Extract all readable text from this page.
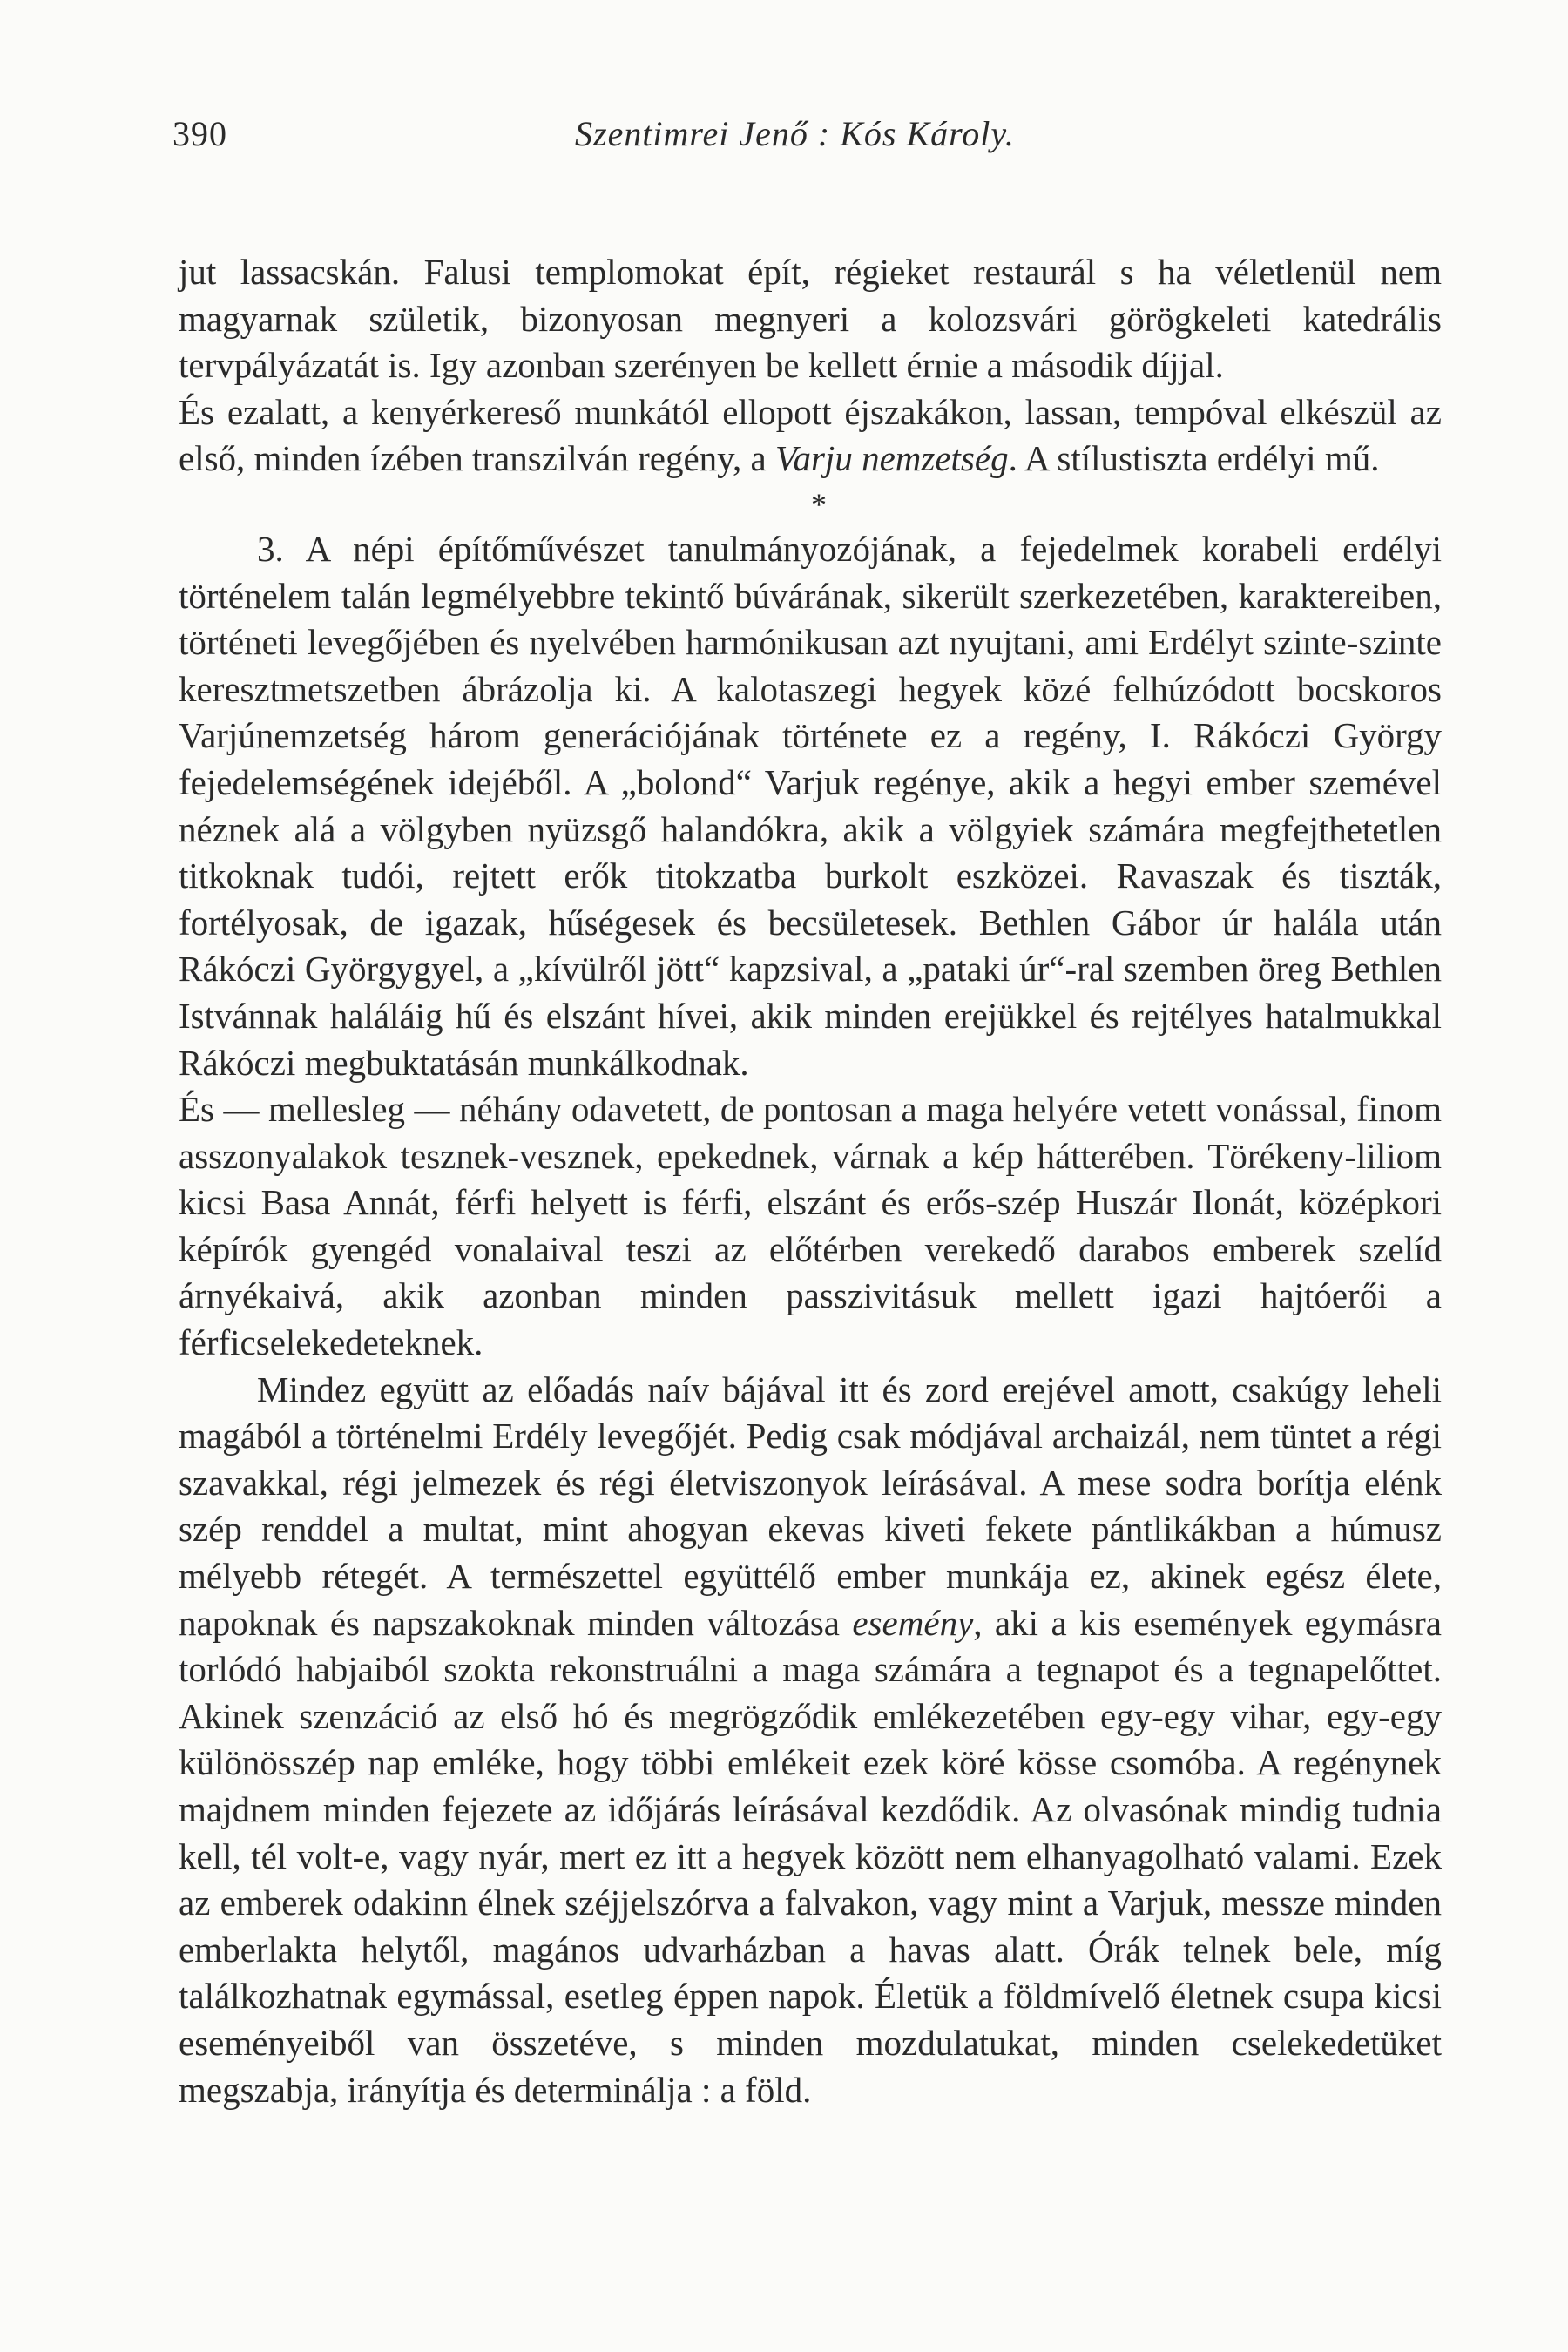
390	Szentimrei Jenő : Kós Károly.

jut lassacskán. Falusi templomokat épít, régieket restaurál s ha véletlenül nem magyarnak születik, bizonyosan megnyeri a kolozsvári görögkeleti katedrális tervpályázatát is. Igy azonban szerényen be kellett érnie a második díjjal.

És ezalatt, a kenyérkereső munkától ellopott éjszakákon, lassan, tempóval elkészül az első, minden ízében transzilván regény, a Varju nemzetség. A stílustiszta erdélyi mű.

*

3. A népi építőművészet tanulmányozójának, a fejedelmek korabeli erdélyi történelem talán legmélyebbre tekintő búvárának, sikerült szerkezetében, karaktereiben, történeti levegőjében és nyelvében harmónikusan azt nyujtani, ami Erdélyt szinte-szinte keresztmetszetben ábrázolja ki. A kalotaszegi hegyek közé felhúzódott bocskoros Varjúnemzetség három generációjának története ez a regény, I. Rákóczi György fejedelemségének idejéből. A „bolond“ Varjuk regénye, akik a hegyi ember szemével néznek alá a völgyben nyüzsgő halandókra, akik a völgyiek számára megfejthetetlen titkoknak tudói, rejtett erők titokzatba burkolt eszközei. Ravaszak és tiszták, fortélyosak, de igazak, hűségesek és becsületesek. Bethlen Gábor úr halála után Rákóczi Györgygyel, a „kívülről jött“ kapzsival, a „pataki úr“-ral szemben öreg Bethlen Istvánnak haláláig hű és elszánt hívei, akik minden erejükkel és rejtélyes hatalmukkal Rákóczi megbuktatásán munkálkodnak.

És — mellesleg — néhány odavetett, de pontosan a maga helyére vetett vonással, finom asszonyalakok tesznek-vesznek, epekednek, várnak a kép hátterében. Törékeny-liliom kicsi Basa Annát, férfi helyett is férfi, elszánt és erős-szép Huszár Ilonát, középkori képírók gyengéd vonalaival teszi az előtérben verekedő darabos emberek szelíd árnyékaivá, akik azonban minden passzivitásuk mellett igazi hajtóerői a férficselekedeteknek.

Mindez együtt az előadás naív bájával itt és zord erejével amott, csakúgy leheli magából a történelmi Erdély levegőjét. Pedig csak módjával archaizál, nem tüntet a régi szavakkal, régi jelmezek és régi életviszonyok leírásával. A mese sodra borítja elénk szép renddel a multat, mint ahogyan ekevas kiveti fekete pántlikákban a húmusz mélyebb rétegét. A természettel együttélő ember munkája ez, akinek egész élete, napoknak és napszakoknak minden változása esemény, aki a kis események egymásra torlódó habjaiból szokta rekonstruálni a maga számára a tegnapot és a tegnapelőttet. Akinek szenzáció az első hó és megrögződik emlékezetében egy-egy vihar, egy-egy különösszép nap emléke, hogy többi emlékeit ezek köré kösse csomóba. A regénynek majdnem minden fejezete az időjárás leírásával kezdődik. Az olvasónak mindig tudnia kell, tél volt-e, vagy nyár, mert ez itt a hegyek között nem elhanyagolható valami. Ezek az emberek odakinn élnek széjjelszórva a falvakon, vagy mint a Varjuk, messze minden emberlakta helytől, magános udvarházban a havas alatt. Órák telnek bele, míg találkozhatnak egymással, esetleg éppen napok. Életük a földmívelő életnek csupa kicsi eseményeiből van összetéve, s minden mozdulatukat, minden cselekedetüket megszabja, irányítja és determinálja : a föld.
